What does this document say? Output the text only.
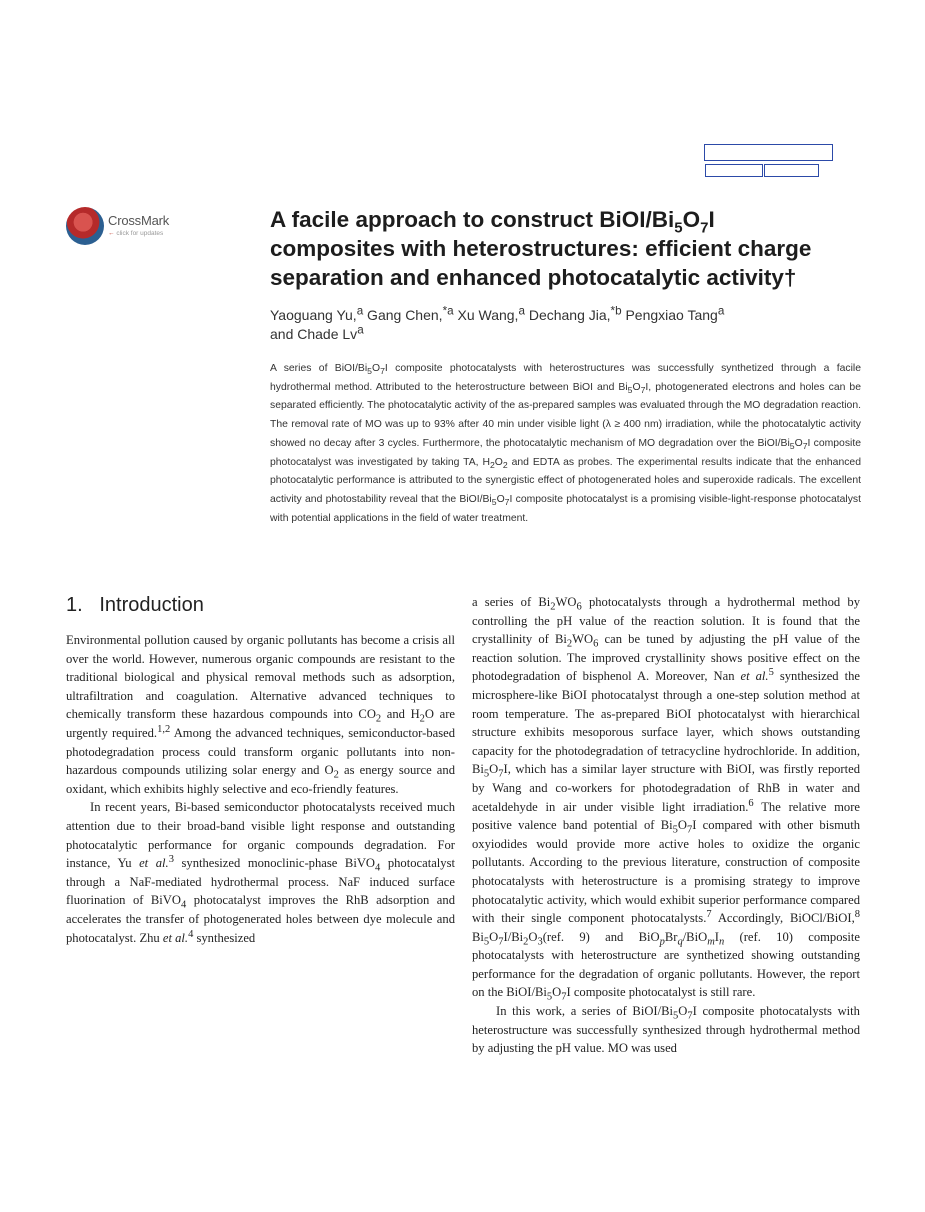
CrossMark
← click for updates
A facile approach to construct BiOI/$Bi_5O_7I$
composites with heterostructures: efficient charge
separation and enhanced photocatalytic activity†
Yaoguang Yu,$^a$ Gang Chen,$^{*a}$ Xu Wang,$^a$ Dechang Jia,$^{*b}$ Pengxiao Tang$^a$
and Chade Lv$^a$
A series of BiOI/$Bi_5O_7I$ composite photocatalysts with heterostructures was successfully synthetized through a facile hydrothermal method. Attributed to the heterostructure between BiOI and $Bi_5O_7I$, photogenerated electrons and holes can be separated efficiently. The photocatalytic activity of the as-prepared samples was evaluated through the MO degradation reaction. The removal rate of MO was up to 93% after 40 min under visible light (λ ≥ 400 nm) irradiation, while the photocatalytic activity showed no decay after 3 cycles. Furthermore, the photocatalytic mechanism of MO degradation over the BiOI/$Bi_5O_7I$ composite photocatalyst was investigated by taking TA, $H_2O_2$ and EDTA as probes. The experimental results indicate that the enhanced photocatalytic performance is attributed to the synergistic effect of photogenerated holes and superoxide radicals. The excellent activity and photostability reveal that the BiOI/$Bi_5O_7I$ composite photocatalyst is a promising visible-light-response photocatalyst with potential applications in the field of water treatment.
1.   Introduction

Environmental pollution caused by organic pollutants has become a crisis all over the world. However, numerous organic compounds are resistant to the traditional biological and physical removal methods such as adsorption, ultrafiltration and coagulation. Alternative advanced techniques to chemically transform these hazardous compounds into $CO_2$ and $H_2O$ are urgently required.$^{1,2}$ Among the advanced techniques, semiconductor-based photodegradation process could transform organic pollutants into non-hazardous compounds utilizing solar energy and $O_2$ as energy source and oxidant, which exhibits highly selective and eco-friendly features.

In recent years, Bi-based semiconductor photocatalysts received much attention due to their broad-band visible light response and outstanding photocatalytic performance for organic compounds degradation. For instance, Yu et al.$^3$ synthesized monoclinic-phase BiVO$_4$ photocatalyst through a NaF-mediated hydrothermal process. NaF induced surface fluorination of BiVO$_4$ photocatalyst improves the RhB adsorption and accelerates the transfer of photogenerated holes between dye molecule and photocatalyst. Zhu et al.$^4$ synthesized

a series of $Bi_2WO_6$ photocatalysts through a hydrothermal method by controlling the pH value of the reaction solution. It is found that the crystallinity of $Bi_2WO_6$ can be tuned by adjusting the pH value of the reaction solution. The improved crystallinity shows positive effect on the photodegradation of bisphenol A. Moreover, Nan et al.$^5$ synthesized the microsphere-like BiOI photocatalyst through a one-step solution method at room temperature. The as-prepared BiOI photocatalyst with hierarchical structure exhibits mesoporous surface layer, which shows outstanding capacity for the photodegradation of tetracycline hydrochloride. In addition, $Bi_5O_7I$, which has a similar layer structure with BiOI, was firstly reported by Wang and co-workers for photodegradation of RhB in water and acetaldehyde in air under visible light irradiation.$^6$ The relative more positive valence band potential of $Bi_5O_7I$ compared with other bismuth oxyiodides would provide more active holes to oxidize the organic pollutants. According to the previous literature, construction of composite photocatalysts with heterostructure is a promising strategy to improve photocatalytic activity, which would exhibit superior performance compared with their single component photocatalysts.$^7$ Accordingly, BiOCl/BiOI,$^8$ $Bi_5O_7I/Bi_2O_3(ref$. 9) and $BiO_pBr_q/BiO_mI_n$ (ref. 10) composite photocatalysts with heterostructure are synthetized showing outstanding performance for the degradation of organic pollutants. However, the report on the BiOI/$Bi_5O_7I$ composite photocatalyst is still rare.

In this work, a series of BiOI/$Bi_5O_7I$ composite photocatalysts with heterostructure was successfully synthesized through hydrothermal method by adjusting the pH value. MO was used
